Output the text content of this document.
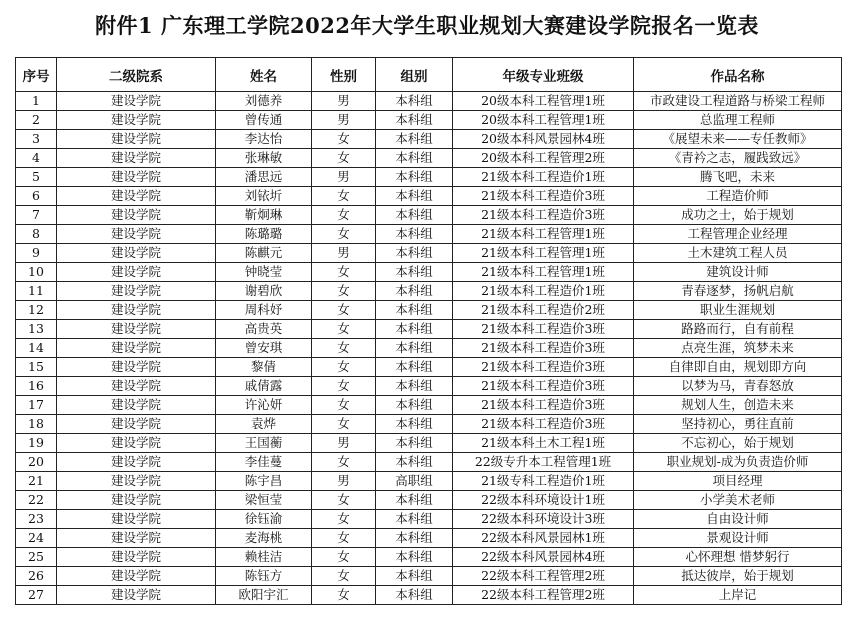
附件1 广东理工学院2022年大学生职业规划大赛建设学院报名一览表
序号	二级院系	姓名	性别	组别	年级专业班级	作品名称
1	建设学院	刘德养	男	本科组	20级本科工程管理1班	市政建设工程道路与桥梁工程师
2	建设学院	曾传通	男	本科组	20级本科工程管理1班	总监理工程师
3	建设学院	李达怡	女	本科组	20级本科风景园林4班	《展望未来——专任教师》
4	建设学院	张琳敏	女	本科组	20级本科工程管理2班	《青衿之志，履践致远》
5	建设学院	潘思远	男	本科组	21级本科工程造价1班	腾飞吧，未来
6	建设学院	刘铱圻	女	本科组	21级本科工程造价3班	工程造价师
7	建设学院	靳炯琳	女	本科组	21级本科工程造价3班	成功之士，始于规划
8	建设学院	陈璐璐	女	本科组	21级本科工程管理1班	工程管理企业经理
9	建设学院	陈麒元	男	本科组	21级本科工程管理1班	土木建筑工程人员
10	建设学院	钟晓莹	女	本科组	21级本科工程管理1班	建筑设计师
11	建设学院	谢碧欣	女	本科组	21级本科工程造价1班	青春逐梦，扬帆启航
12	建设学院	周科妤	女	本科组	21级本科工程造价2班	职业生涯规划
13	建设学院	高贵英	女	本科组	21级本科工程造价3班	路路而行，自有前程
14	建设学院	曾安琪	女	本科组	21级本科工程造价3班	点亮生涯，筑梦未来
15	建设学院	黎倩	女	本科组	21级本科工程造价3班	自律即自由，规划即方向
16	建设学院	戚倩露	女	本科组	21级本科工程造价3班	以梦为马，青春怒放
17	建设学院	许沁妍	女	本科组	21级本科工程造价3班	规划人生，创造未来
18	建设学院	袁烨	女	本科组	21级本科工程造价3班	坚持初心，勇往直前
19	建设学院	王国蘅	男	本科组	21级本科土木工程1班	不忘初心，始于规划
20	建设学院	李佳蔓	女	本科组	22级专升本工程管理1班	职业规划-成为负责造价师
21	建设学院	陈宇昌	男	高职组	21级专科工程造价1班	项目经理
22	建设学院	梁恒莹	女	本科组	22级本科环境设计1班	小学美术老师
23	建设学院	徐钰渝	女	本科组	22级本科环境设计3班	自由设计师
24	建设学院	麦海桃	女	本科组	22级本科风景园林1班	景观设计师
25	建设学院	赖桂洁	女	本科组	22级本科风景园林4班	心怀理想 惜梦躬行
26	建设学院	陈钰方	女	本科组	22级本科工程管理2班	抵达彼岸，始于规划
27	建设学院	欧阳宇汇	女	本科组	22级本科工程管理2班	上岸记
